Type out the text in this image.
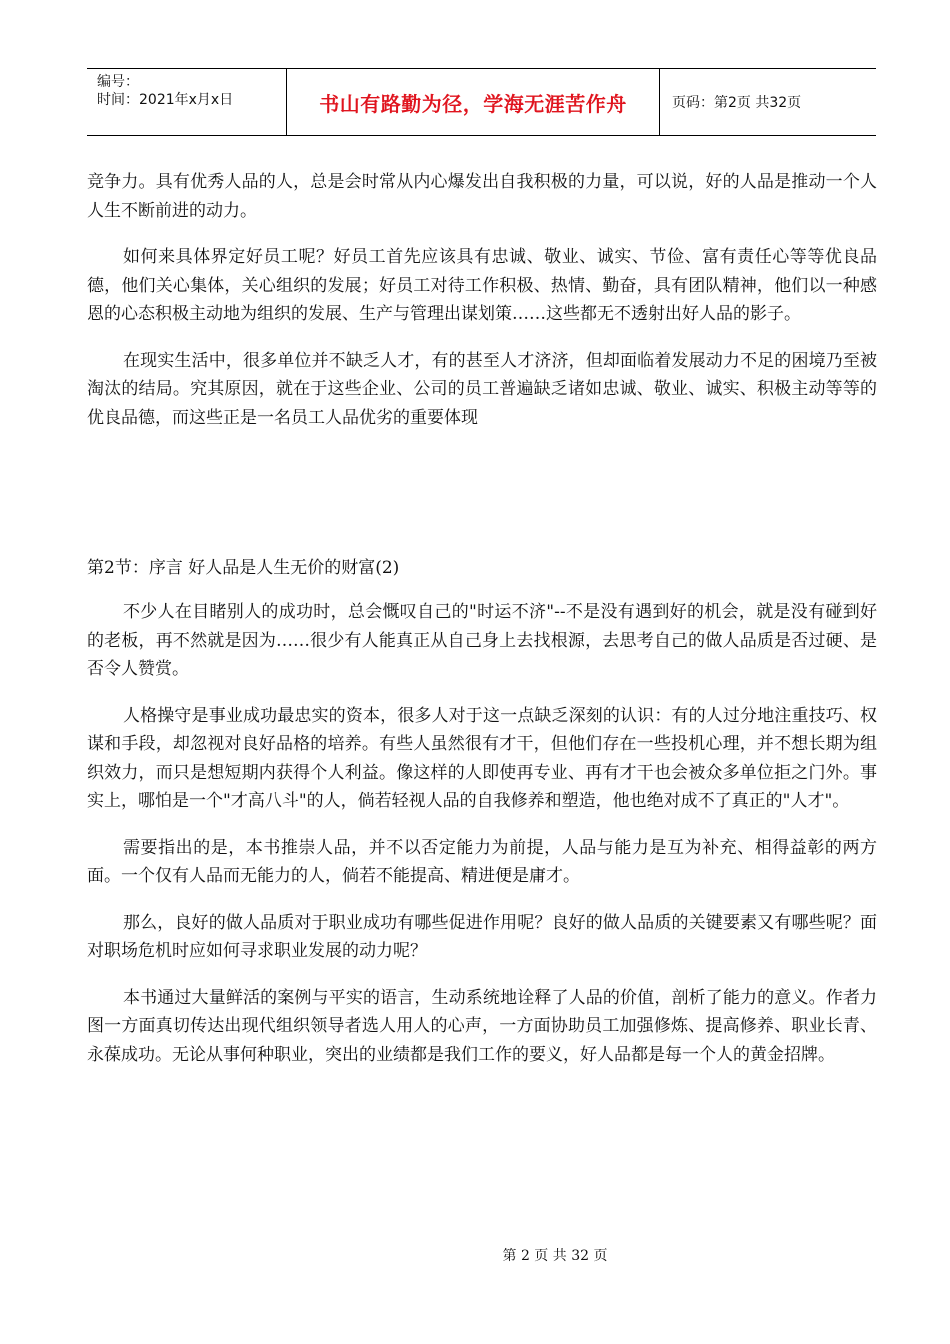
编号：
时间：2021年x月x日	书山有路勤为径，学海无涯苦作舟	页码：第2页 共32页

竞争力。具有优秀人品的人，总是会时常从内心爆发出自我积极的力量，可以说，好的人品是推动一个人人生不断前进的动力。

如何来具体界定好员工呢？好员工首先应该具有忠诚、敬业、诚实、节俭、富有责任心等等优良品德，他们关心集体，关心组织的发展；好员工对待工作积极、热情、勤奋，具有团队精神，他们以一种感恩的心态积极主动地为组织的发展、生产与管理出谋划策……这些都无不透射出好人品的影子。

在现实生活中，很多单位并不缺乏人才，有的甚至人才济济，但却面临着发展动力不足的困境乃至被淘汰的结局。究其原因，就在于这些企业、公司的员工普遍缺乏诸如忠诚、敬业、诚实、积极主动等等的优良品德，而这些正是一名员工人品优劣的重要体现

第2节：序言 好人品是人生无价的财富(2)

不少人在目睹别人的成功时，总会慨叹自己的"时运不济"--不是没有遇到好的机会，就是没有碰到好的老板，再不然就是因为……很少有人能真正从自己身上去找根源，去思考自己的做人品质是否过硬、是否令人赞赏。

人格操守是事业成功最忠实的资本，很多人对于这一点缺乏深刻的认识：有的人过分地注重技巧、权谋和手段，却忽视对良好品格的培养。有些人虽然很有才干，但他们存在一些投机心理，并不想长期为组织效力，而只是想短期内获得个人利益。像这样的人即使再专业、再有才干也会被众多单位拒之门外。事实上，哪怕是一个"才高八斗"的人，倘若轻视人品的自我修养和塑造，他也绝对成不了真正的"人才"。

需要指出的是，本书推崇人品，并不以否定能力为前提，人品与能力是互为补充、相得益彰的两方面。一个仅有人品而无能力的人，倘若不能提高、精进便是庸才。

那么，良好的做人品质对于职业成功有哪些促进作用呢？良好的做人品质的关键要素又有哪些呢？面对职场危机时应如何寻求职业发展的动力呢？

本书通过大量鲜活的案例与平实的语言，生动系统地诠释了人品的价值，剖析了能力的意义。作者力图一方面真切传达出现代组织领导者选人用人的心声，一方面协助员工加强修炼、提高修养、职业长青、永葆成功。无论从事何种职业，突出的业绩都是我们工作的要义，好人品都是每一个人的黄金招牌。

第 2 页 共 32 页
